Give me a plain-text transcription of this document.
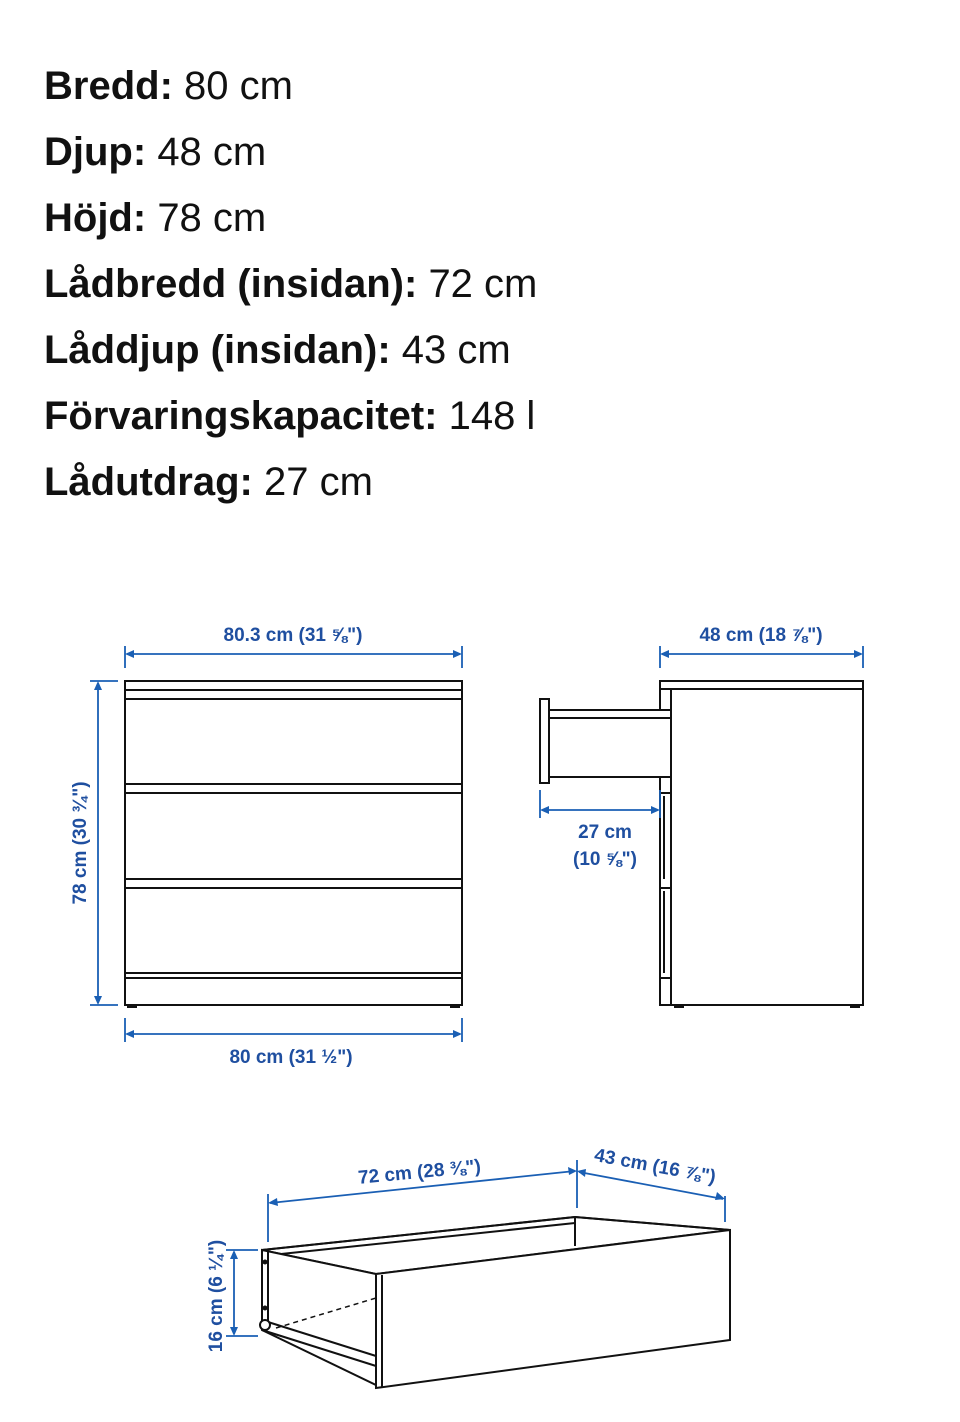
Bredd: 80 cm
Djup: 48 cm
Höjd: 78 cm
Lådbredd (insidan): 72 cm
Låddjup (insidan): 43 cm
Förvaringskapacitet: 148 l
Lådutdrag: 27 cm
80.3 cm (31 ⅝")
78 cm (30 ¾")
80 cm (31 ½")
48 cm (18 ⅞")
27 cm
(10 ⅝")
72 cm (28 ⅜")	43 cm (16 ⅞")
16 cm (6 ¼")
